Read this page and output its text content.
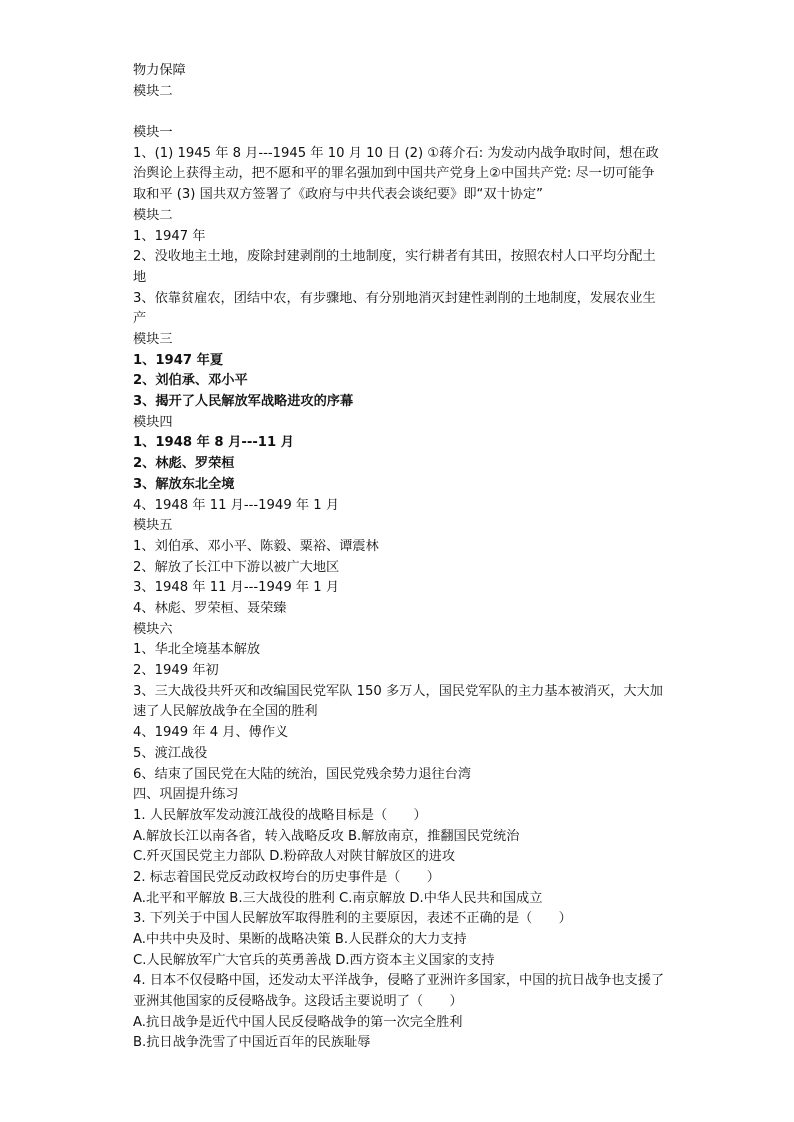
物力保障
模块二
模块一
1、(1) 1945 年 8 月---1945 年 10 月 10 日 (2) ①蒋介石: 为发动内战争取时间，想在政治舆论上获得主动，把不愿和平的罪名强加到中国共产党身上②中国共产党: 尽一切可能争取和平 (3) 国共双方签署了《政府与中共代表会谈纪要》即“双十协定”
模块二
1、1947 年
2、没收地主土地，废除封建剥削的土地制度，实行耕者有其田，按照农村人口平均分配土地
3、依靠贫雇农，团结中农，有步骤地、有分别地消灭封建性剥削的土地制度，发展农业生产
模块三
1、1947 年夏
2、刘伯承、邓小平
3、揭开了人民解放军战略进攻的序幕
模块四
1、1948 年 8 月---11 月
2、林彪、罗荣桓
3、解放东北全境
4、1948 年 11 月---1949 年 1 月
模块五
1、刘伯承、邓小平、陈毅、粟裕、谭震林
2、解放了长江中下游以被广大地区
3、1948 年 11 月---1949 年 1 月
4、林彪、罗荣桓、聂荣臻
模块六
1、华北全境基本解放
2、1949 年初
3、三大战役共歼灭和改编国民党军队 150 多万人，国民党军队的主力基本被消灭，大大加速了人民解放战争在全国的胜利
4、1949 年 4 月、傅作义
5、渡江战役
6、结束了国民党在大陆的统治，国民党残余势力退往台湾
四、巩固提升练习
1. 人民解放军发动渡江战役的战略目标是（　　）
A.解放长江以南各省，转入战略反攻 B.解放南京，推翻国民党统治
C.歼灭国民党主力部队 D.粉碎敌人对陕甘解放区的进攻
2. 标志着国民党反动政权垮台的历史事件是（　　）
A.北平和平解放 B.三大战役的胜利 C.南京解放 D.中华人民共和国成立
3. 下列关于中国人民解放军取得胜利的主要原因，表述不正确的是（　　）
A.中共中央及时、果断的战略决策 B.人民群众的大力支持
C.人民解放军广大官兵的英勇善战 D.西方资本主义国家的支持
4. 日本不仅侵略中国，还发动太平洋战争，侵略了亚洲许多国家，中国的抗日战争也支援了亚洲其他国家的反侵略战争。这段话主要说明了（　　）
A.抗日战争是近代中国人民反侵略战争的第一次完全胜利
B.抗日战争洗雪了中国近百年的民族耻辱
